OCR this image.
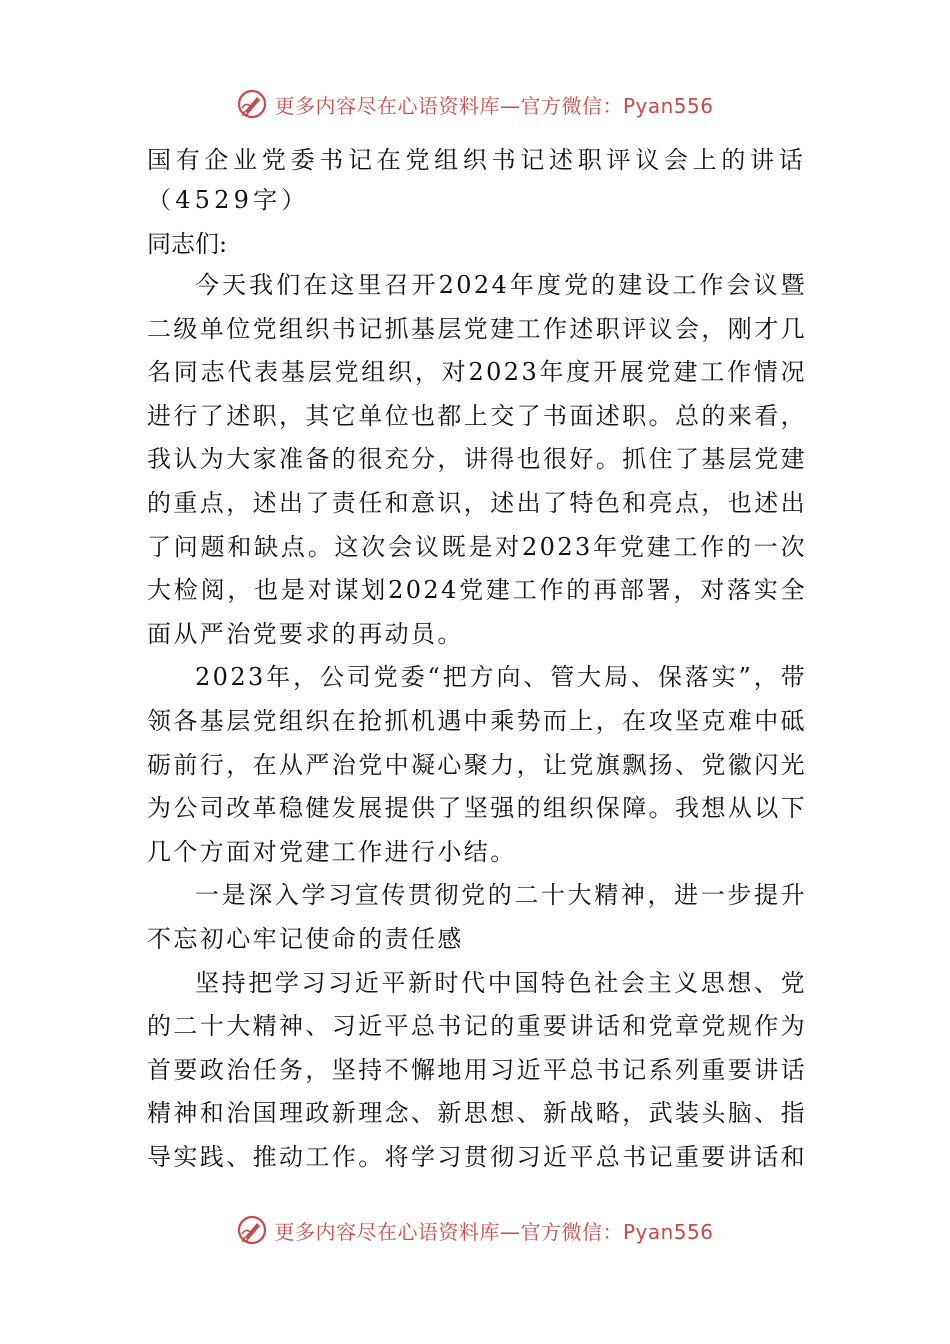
更多内容尽在心语资料库—官方微信：Pyan556
国有企业党委书记在党组织书记述职评议会上的讲话（4529字）

同志们:

今天我们在这里召开2024年度党的建设工作会议暨二级单位党组织书记抓基层党建工作述职评议会，刚才几名同志代表基层党组织，对2023年度开展党建工作情况进行了述职，其它单位也都上交了书面述职。总的来看，我认为大家准备的很充分，讲得也很好。抓住了基层党建的重点，述出了责任和意识，述出了特色和亮点，也述出了问题和缺点。这次会议既是对2023年党建工作的一次大检阅，也是对谋划2024党建工作的再部署，对落实全面从严治党要求的再动员。

2023年，公司党委“把方向、管大局、保落实”，带领各基层党组织在抢抓机遇中乘势而上，在攻坚克难中砥砺前行，在从严治党中凝心聚力，让党旗飘扬、党徽闪光为公司改革稳健发展提供了坚强的组织保障。我想从以下几个方面对党建工作进行小结。

一是深入学习宣传贯彻党的二十大精神，进一步提升不忘初心牢记使命的责任感

坚持把学习习近平新时代中国特色社会主义思想、党的二十大精神、习近平总书记的重要讲话和党章党规作为首要政治任务，坚持不懈地用习近平总书记系列重要讲话精神和治国理政新理念、新思想、新战略，武装头脑、指导实践、推动工作。将学习贯彻习近平总书记重要讲话和

更多内容尽在心语资料库—官方微信：Pyan556
